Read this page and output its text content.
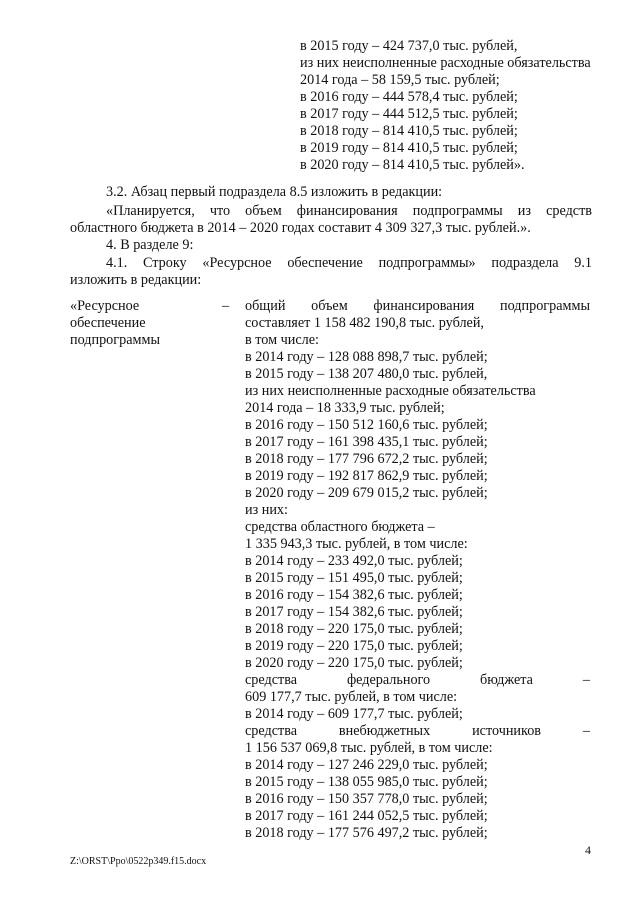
в 2015 году – 424 737,0 тыс. рублей,
из них неисполненные расходные обязательства
2014 года – 58 159,5 тыс. рублей;
в 2016 году – 444 578,4 тыс. рублей;
в 2017 году – 444 512,5 тыс. рублей;
в 2018 году – 814 410,5 тыс. рублей;
в 2019 году – 814 410,5 тыс. рублей;
в 2020 году – 814 410,5 тыс. рублей».
3.2. Абзац первый подраздела 8.5 изложить в редакции:
«Планируется, что объем финансирования подпрограммы из средств
областного бюджета в 2014 – 2020 годах составит 4 309 327,3 тыс. рублей.».
4. В разделе 9:
4.1. Строку «Ресурсное обеспечение подпрограммы» подраздела 9.1
изложить в редакции:
«Ресурсное
обеспечение
подпрограммы
– общий объем финансирования подпрограммы
составляет 1 158 482 190,8 тыс. рублей,
в том числе:
в 2014 году – 128 088 898,7 тыс. рублей;
в 2015 году – 138 207 480,0 тыс. рублей,
из них неисполненные расходные обязательства
2014 года – 18 333,9 тыс. рублей;
в 2016 году – 150 512 160,6 тыс. рублей;
в 2017 году – 161 398 435,1 тыс. рублей;
в 2018 году – 177 796 672,2 тыс. рублей;
в 2019 году – 192 817 862,9 тыс. рублей;
в 2020 году – 209 679 015,2 тыс. рублей;
из них:
средства областного бюджета –
1 335 943,3 тыс. рублей, в том числе:
в 2014 году – 233 492,0 тыс. рублей;
в 2015 году – 151 495,0 тыс. рублей;
в 2016 году – 154 382,6 тыс. рублей;
в 2017 году – 154 382,6 тыс. рублей;
в 2018 году – 220 175,0 тыс. рублей;
в 2019 году – 220 175,0 тыс. рублей;
в 2020 году – 220 175,0 тыс. рублей;
средства федерального бюджета –
609 177,7 тыс. рублей, в том числе:
в 2014 году – 609 177,7 тыс. рублей;
средства внебюджетных источников –
1 156 537 069,8 тыс. рублей, в том числе:
в 2014 году – 127 246 229,0 тыс. рублей;
в 2015 году – 138 055 985,0 тыс. рублей;
в 2016 году – 150 357 778,0 тыс. рублей;
в 2017 году – 161 244 052,5 тыс. рублей;
в 2018 году – 177 576 497,2 тыс. рублей;
4
Z:\ORST\Ppo\0522p349.f15.docx
